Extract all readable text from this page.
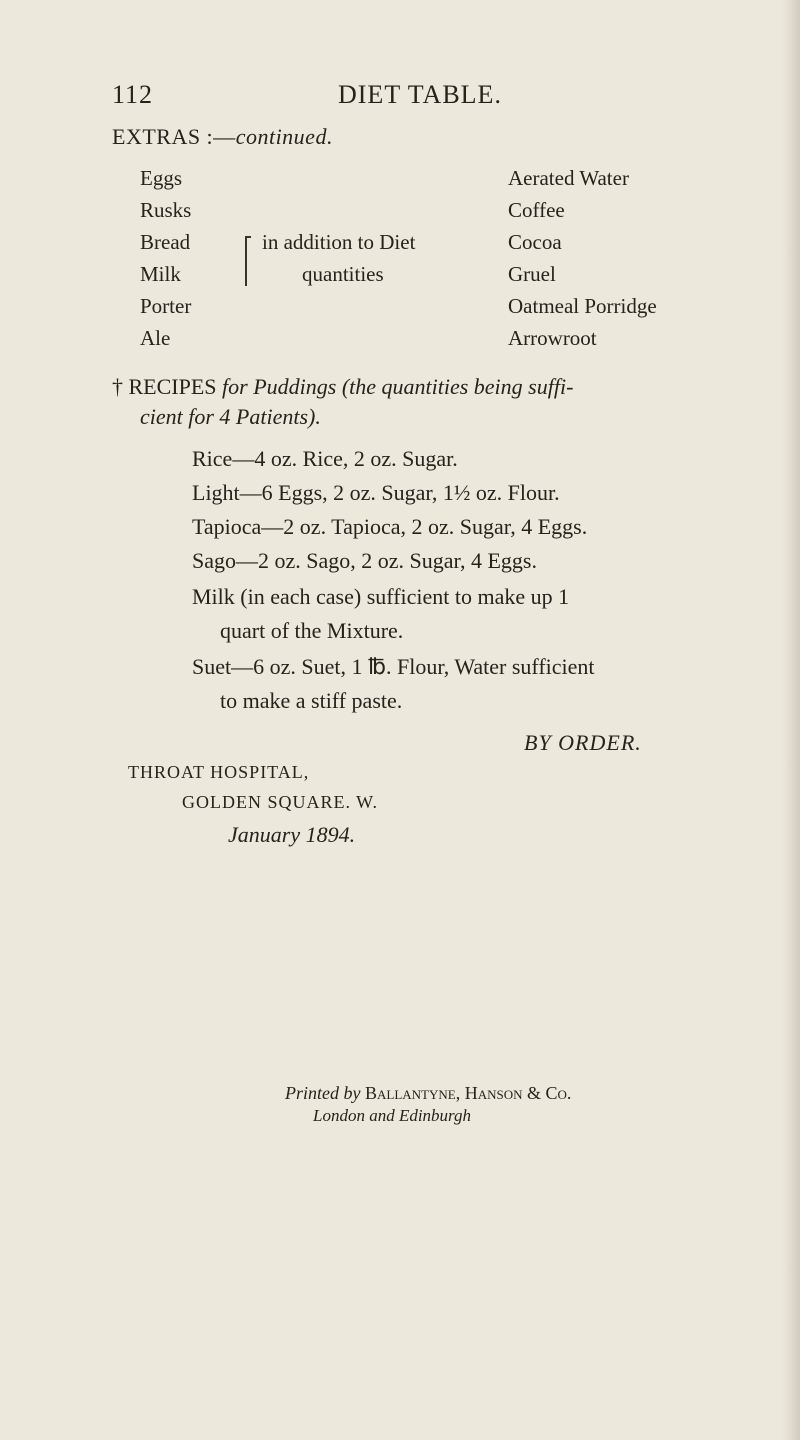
112	DIET TABLE.
EXTRAS :—continued.
Eggs
Rusks
Bread
Milk
Porter
Ale
in addition to Diet
quantities
Aerated Water
Coffee
Cocoa
Gruel
Oatmeal Porridge
Arrowroot
† RECIPES for Puddings (the quantities being suffi-
cient for 4 Patients).
Rice—4 oz. Rice, 2 oz. Sugar.
Light—6 Eggs, 2 oz. Sugar, 1½ oz. Flour.
Tapioca—2 oz. Tapioca, 2 oz. Sugar, 4 Eggs.
Sago—2 oz. Sago, 2 oz. Sugar, 4 Eggs.
Milk (in each case) sufficient to make up 1
quart of the Mixture.
Suet—6 oz. Suet, 1 ℔. Flour, Water sufficient
to make a stiff paste.
BY ORDER.
THROAT HOSPITAL,
GOLDEN SQUARE. W.
January 1894.
Printed by Ballantyne, Hanson & Co.
London and Edinburgh
